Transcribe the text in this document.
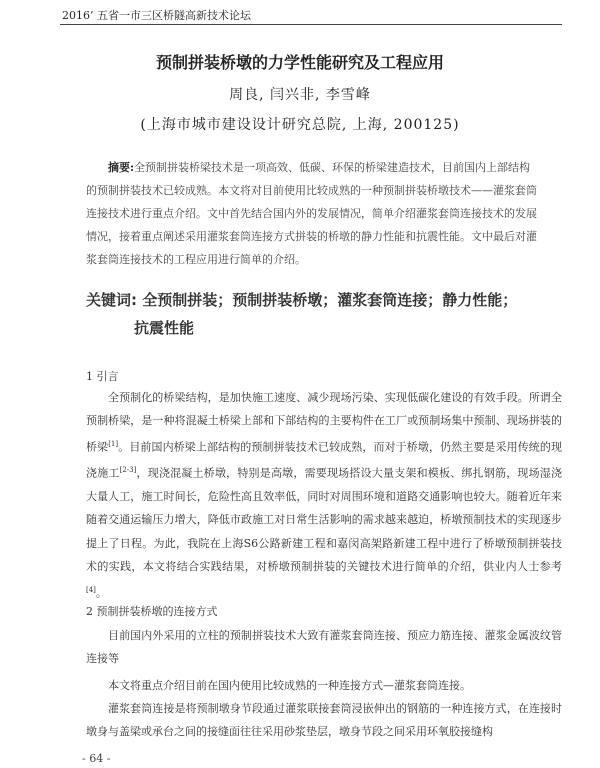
2016’ 五省一市三区桥隧高新技术论坛
预制拼装桥墩的力学性能研究及工程应用
周良, 闫兴非, 李雪峰
(上海市城市建设设计研究总院, 上海, 200125)
摘要:全预制拼装桥梁技术是一项高效、低碳、环保的桥梁建造技术，目前国内上部结构的预制拼装技术已较成熟。本文将对目前使用比较成熟的一种预制拼装桥墩技术——灌浆套筒连接技术进行重点介绍。文中首先结合国内外的发展情况，简单介绍灌浆套筒连接技术的发展情况，接着重点阐述采用灌浆套筒连接方式拼装的桥墩的静力性能和抗震性能。文中最后对灌浆套筒连接技术的工程应用进行简单的介绍。
关键词: 全预制拼装；预制拼装桥墩；灌浆套筒连接；静力性能；
抗震性能
1 引言
全预制化的桥梁结构，是加快施工速度、减少现场污染、实现低碳化建设的有效手段。所谓全预制桥梁，是一种将混凝土桥梁上部和下部结构的主要构件在工厂或预制场集中预制、现场拼装的桥梁[1]。目前国内桥梁上部结构的预制拼装技术已较成熟，而对于桥墩，仍然主要是采用传统的现浇施工[2-3]，现浇混凝土桥墩，特别是高墩，需要现场搭设大量支架和模板、绑扎钢筋，现场湿浇大量人工，施工时间长，危险性高且效率低，同时对周围环境和道路交通影响也较大。随着近年来随着交通运输压力增大，降低市政施工对日常生活影响的需求越来越迫，桥墩预制技术的实现逐步提上了日程。为此，我院在上海S6公路新建工程和嘉闵高架路新建工程中进行了桥墩预制拼装技术的实践，本文将结合实践结果，对桥墩预制拼装的关键技术进行简单的介绍，供业内人士参考[4]。
2 预制拼装桥墩的连接方式
目前国内外采用的立柱的预制拼装技术大致有灌浆套筒连接、预应力筋连接、灌浆金属波纹管连接等
本文将重点介绍目前在国内使用比较成熟的一种连接方式—灌浆套筒连接。
灌浆套筒连接是将预制墩身节段通过灌浆联接套筒浸嵌伸出的钢筋的一种连接方式，在连接时墩身与盖梁或承台之间的接缝面往往采用砂浆垫层，墩身节段之间采用环氧胶接缝构
- 64 -
